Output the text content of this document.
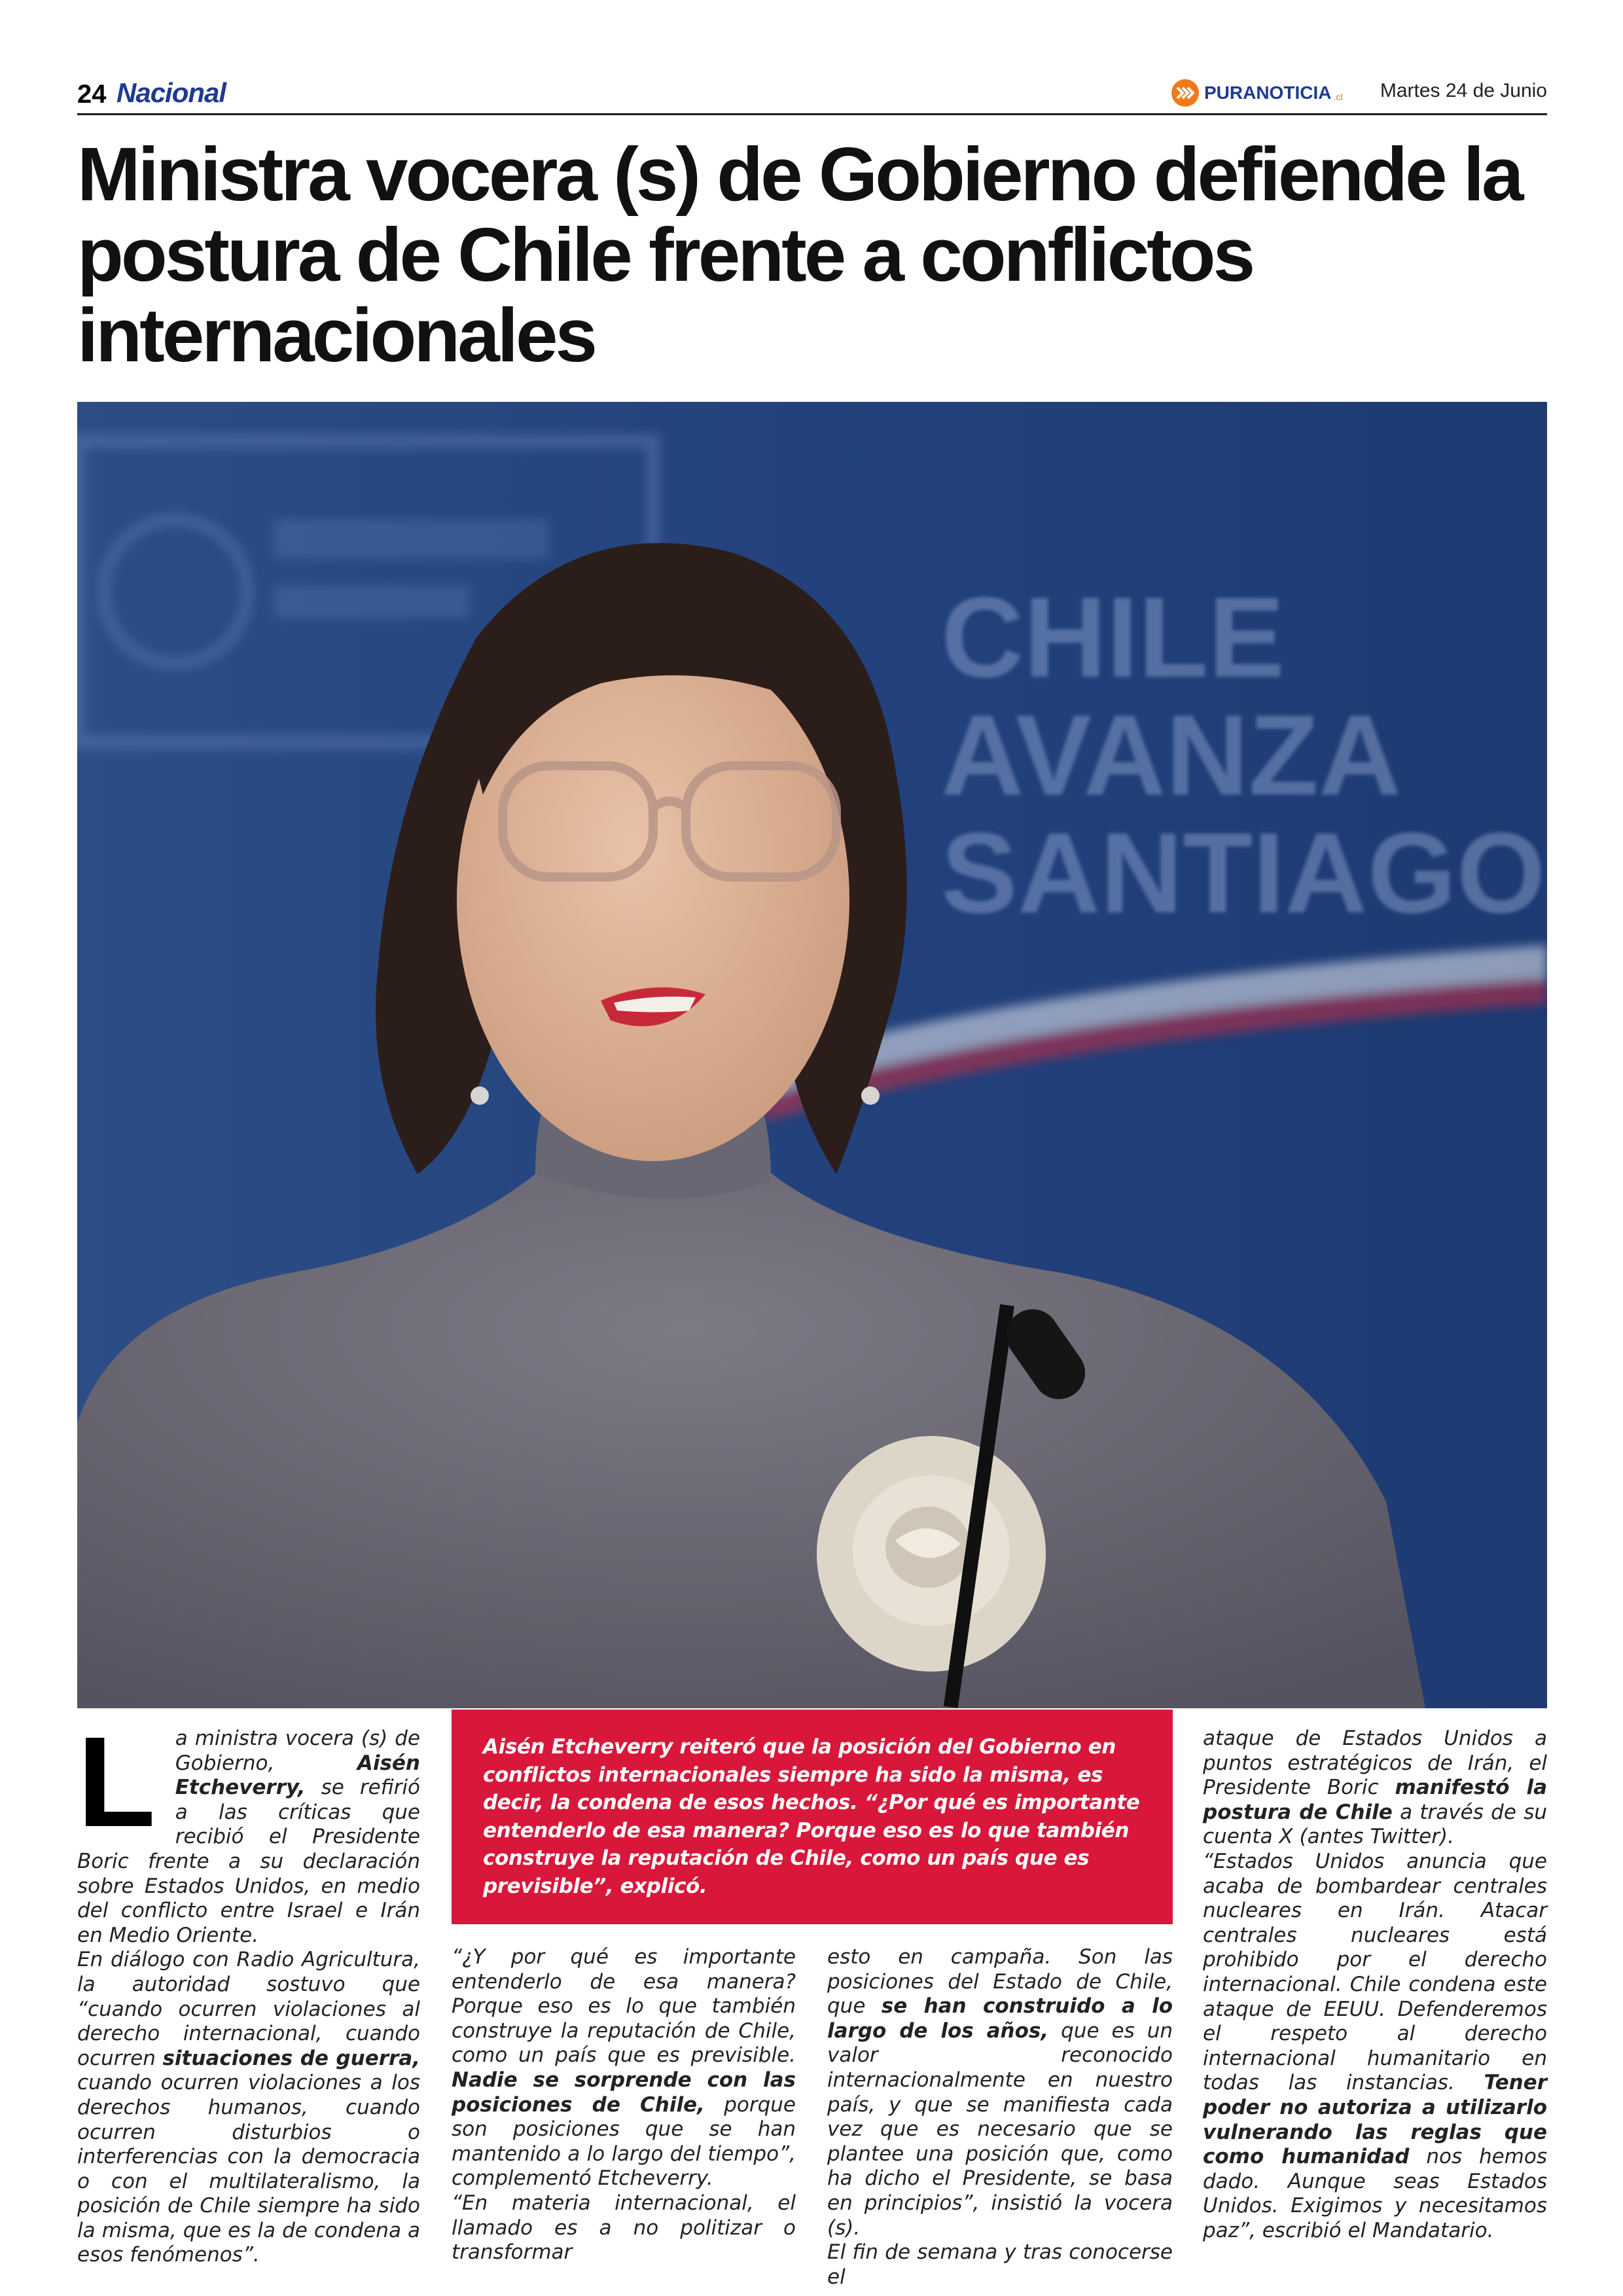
24 Nacional	PURANOTICIA .cl Martes 24 de Junio
Ministra vocera (s) de Gobierno defiende la postura de Chile frente a conflictos internacionales
CHILE
AVANZA
SANTIAGO

La ministra vocera (s) de Gobierno, Aisén Etcheverry, se refirió a las críticas que recibió el Presidente Boric frente a su declaración sobre Estados Unidos, en medio del conflicto entre Israel e Irán en Medio Oriente.

En diálogo con Radio Agricultura, la autoridad sostuvo que “cuando ocurren violaciones al derecho internacional, cuando ocurren situaciones de guerra, cuando ocurren violaciones a los derechos humanos, cuando ocurren disturbios o interferencias con la democracia o con el multilateralismo, la posición de Chile siempre ha sido la misma, que es la de condena a esos fenómenos”.

Aisén Etcheverry reiteró que la posición del Gobierno en conflictos internacionales siempre ha sido la misma, es decir, la condena de esos hechos. “¿Por qué es importante entenderlo de esa manera? Porque eso es lo que también construye la reputación de Chile, como un país que es previsible”, explicó.

“¿Y por qué es importante entenderlo de esa manera? Porque eso es lo que también construye la reputación de Chile, como un país que es previsible. Nadie se sorprende con las posiciones de Chile, porque son posiciones que se han mantenido a lo largo del tiempo”, complementó Etcheverry.

“En materia internacional, el llamado es a no politizar o transformar

esto en campaña. Son las posiciones del Estado de Chile, que se han construido a lo largo de los años, que es un valor reconocido internacionalmente en nuestro país, y que se manifiesta cada vez que es necesario que se plantee una posición que, como ha dicho el Presidente, se basa en principios”, insistió la vocera (s).

El fin de semana y tras conocerse el

ataque de Estados Unidos a puntos estratégicos de Irán, el Presidente Boric manifestó la postura de Chile a través de su cuenta X (antes Twitter).

“Estados Unidos anuncia que acaba de bombardear centrales nucleares en Irán. Atacar centrales nucleares está prohibido por el derecho internacional. Chile condena este ataque de EEUU. Defenderemos el respeto al derecho internacional humanitario en todas las instancias. Tener poder no autoriza a utilizarlo vulnerando las reglas que como humanidad nos hemos dado. Aunque seas Estados Unidos. Exigimos y necesitamos paz”, escribió el Mandatario.
